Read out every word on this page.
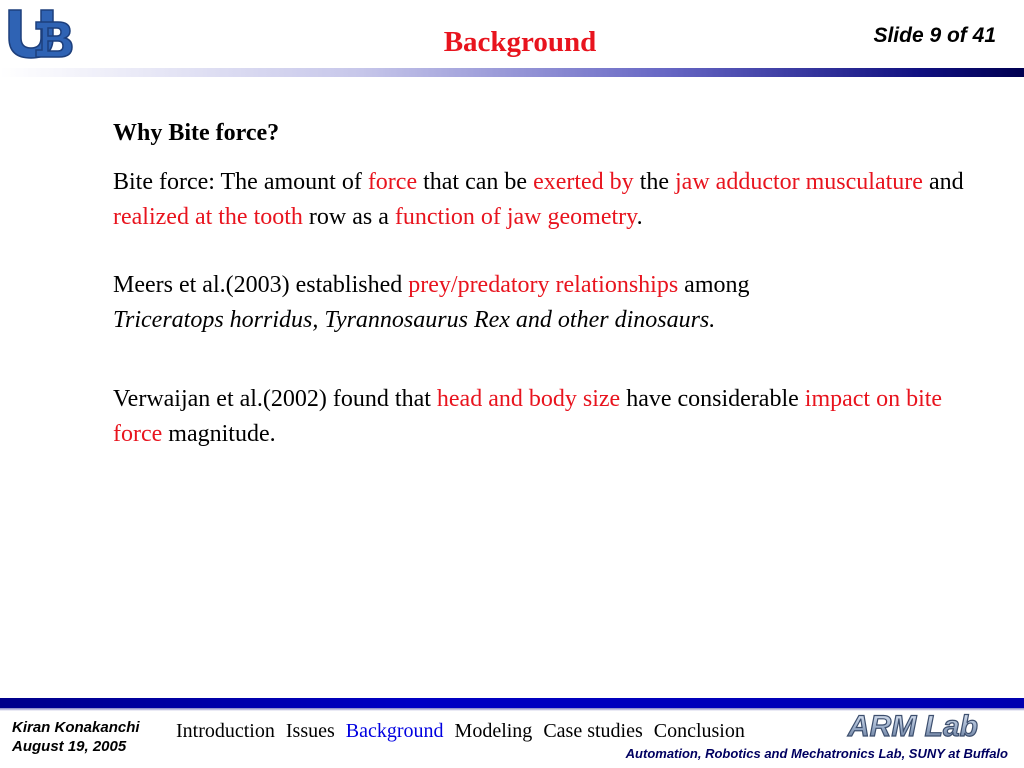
Background	Slide 9 of 41
Why Bite force?

Bite force: The amount of force that can be exerted by the jaw adductor musculature and realized at the tooth row as a function of jaw geometry.

Meers et al.(2003) established prey/predatory relationships among
Triceratops horridus, Tyrannosaurus Rex and other dinosaurs.

Verwaijan et al.(2002) found that head and body size have considerable impact on bite force magnitude.

Kiran Konakanchi
August 19, 2005
Introduction Issues Background Modeling Case studies Conclusion	ARM Lab
Automation, Robotics and Mechatronics Lab, SUNY at Buffalo
